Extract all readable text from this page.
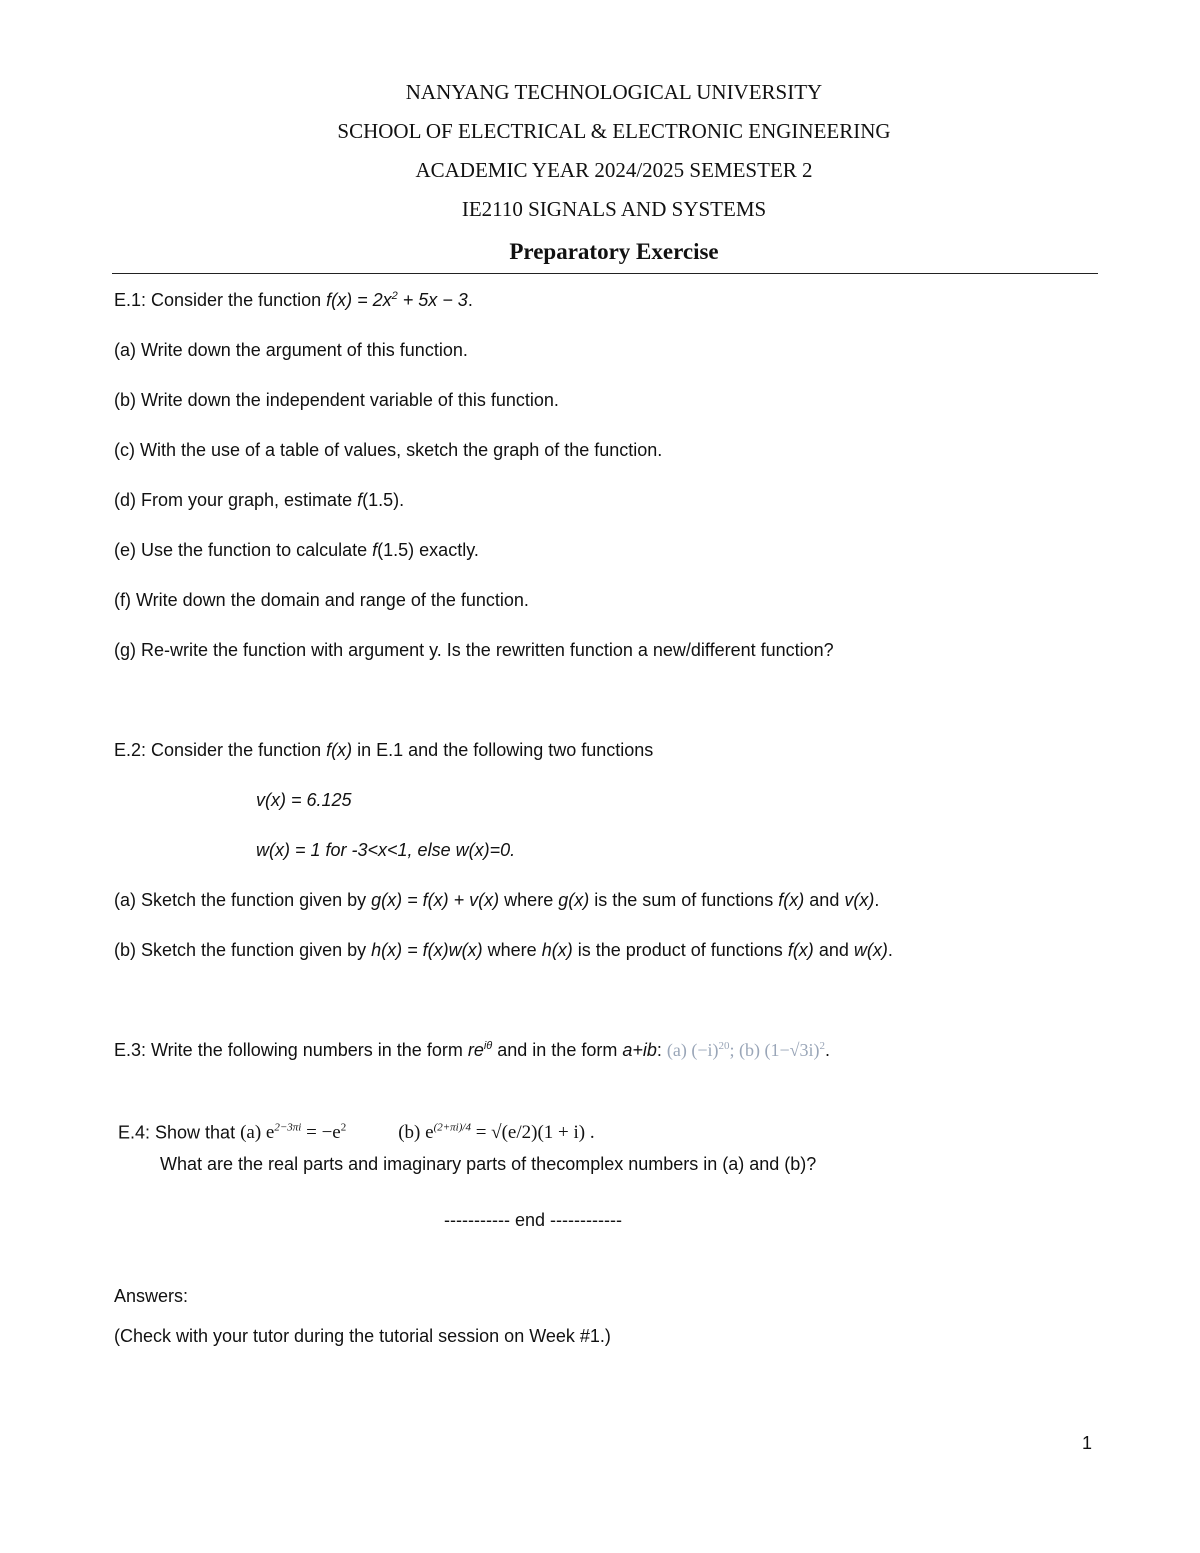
NANYANG TECHNOLOGICAL UNIVERSITY
SCHOOL OF ELECTRICAL & ELECTRONIC ENGINEERING
ACADEMIC YEAR 2024/2025 SEMESTER 2
IE2110 SIGNALS AND SYSTEMS
Preparatory Exercise
E.1: Consider the function $f(x) = 2x^2 + 5x - 3$.
(a) Write down the argument of this function.
(b) Write down the independent variable of this function.
(c) With the use of a table of values, sketch the graph of the function.
(d) From your graph, estimate f(1.5).
(e) Use the function to calculate f(1.5) exactly.
(f) Write down the domain and range of the function.
(g) Re-write the function with argument y. Is the rewritten function a new/different function?
E.2: Consider the function f(x) in E.1 and the following two functions
v(x) = 6.125
w(x) = 1 for -3<x<1, else w(x)=0.
(a) Sketch the function given by g(x) = f(x) + v(x) where g(x) is the sum of functions f(x) and v(x).
(b) Sketch the function given by h(x) = f(x)w(x) where h(x) is the product of functions f(x) and w(x).
E.3: Write the following numbers in the form $re^{i\theta}$ and in the form a+ib: (a) $(-i)^{20}$; (b) $(1-√3i)^2$.
E.4: Show that (a) $e^{2-3\pi i} = -e^2$	(b) $e^{(2+\pi i)/4} = √(e/2)(1 + i)$ .
What are the real parts and imaginary parts of thecomplex numbers in (a) and (b)?
----------- end ------------
Answers:
(Check with your tutor during the tutorial session on Week #1.)
1
